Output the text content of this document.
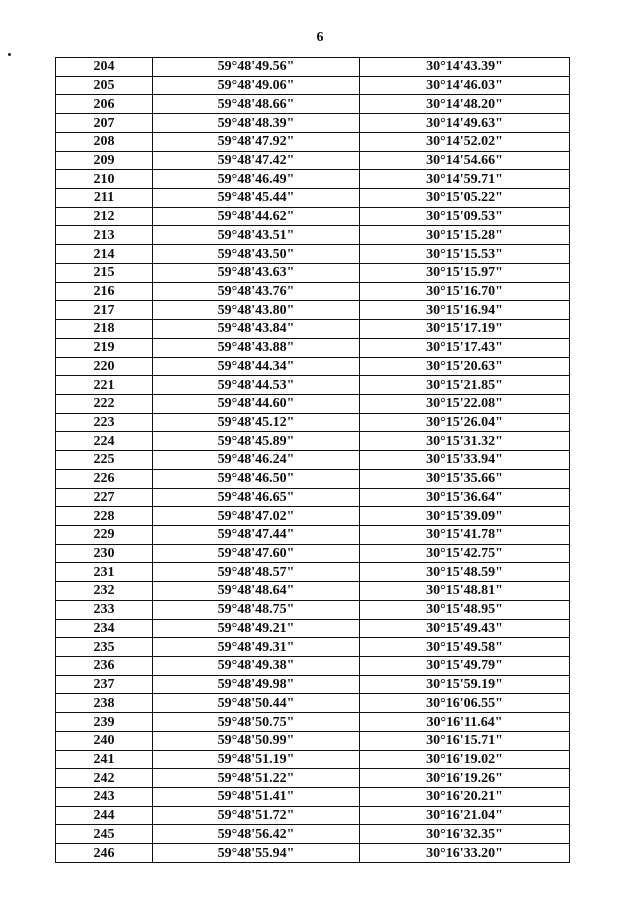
6
204	59°48'49.56"	30°14'43.39"
205	59°48'49.06"	30°14'46.03"
206	59°48'48.66"	30°14'48.20"
207	59°48'48.39"	30°14'49.63"
208	59°48'47.92"	30°14'52.02"
209	59°48'47.42"	30°14'54.66"
210	59°48'46.49"	30°14'59.71"
211	59°48'45.44"	30°15'05.22"
212	59°48'44.62"	30°15'09.53"
213	59°48'43.51"	30°15'15.28"
214	59°48'43.50"	30°15'15.53"
215	59°48'43.63"	30°15'15.97"
216	59°48'43.76"	30°15'16.70"
217	59°48'43.80"	30°15'16.94"
218	59°48'43.84"	30°15'17.19"
219	59°48'43.88"	30°15'17.43"
220	59°48'44.34"	30°15'20.63"
221	59°48'44.53"	30°15'21.85"
222	59°48'44.60"	30°15'22.08"
223	59°48'45.12"	30°15'26.04"
224	59°48'45.89"	30°15'31.32"
225	59°48'46.24"	30°15'33.94"
226	59°48'46.50"	30°15'35.66"
227	59°48'46.65"	30°15'36.64"
228	59°48'47.02"	30°15'39.09"
229	59°48'47.44"	30°15'41.78"
230	59°48'47.60"	30°15'42.75"
231	59°48'48.57"	30°15'48.59"
232	59°48'48.64"	30°15'48.81"
233	59°48'48.75"	30°15'48.95"
234	59°48'49.21"	30°15'49.43"
235	59°48'49.31"	30°15'49.58"
236	59°48'49.38"	30°15'49.79"
237	59°48'49.98"	30°15'59.19"
238	59°48'50.44"	30°16'06.55"
239	59°48'50.75"	30°16'11.64"
240	59°48'50.99"	30°16'15.71"
241	59°48'51.19"	30°16'19.02"
242	59°48'51.22"	30°16'19.26"
243	59°48'51.41"	30°16'20.21"
244	59°48'51.72"	30°16'21.04"
245	59°48'56.42"	30°16'32.35"
246	59°48'55.94"	30°16'33.20"
